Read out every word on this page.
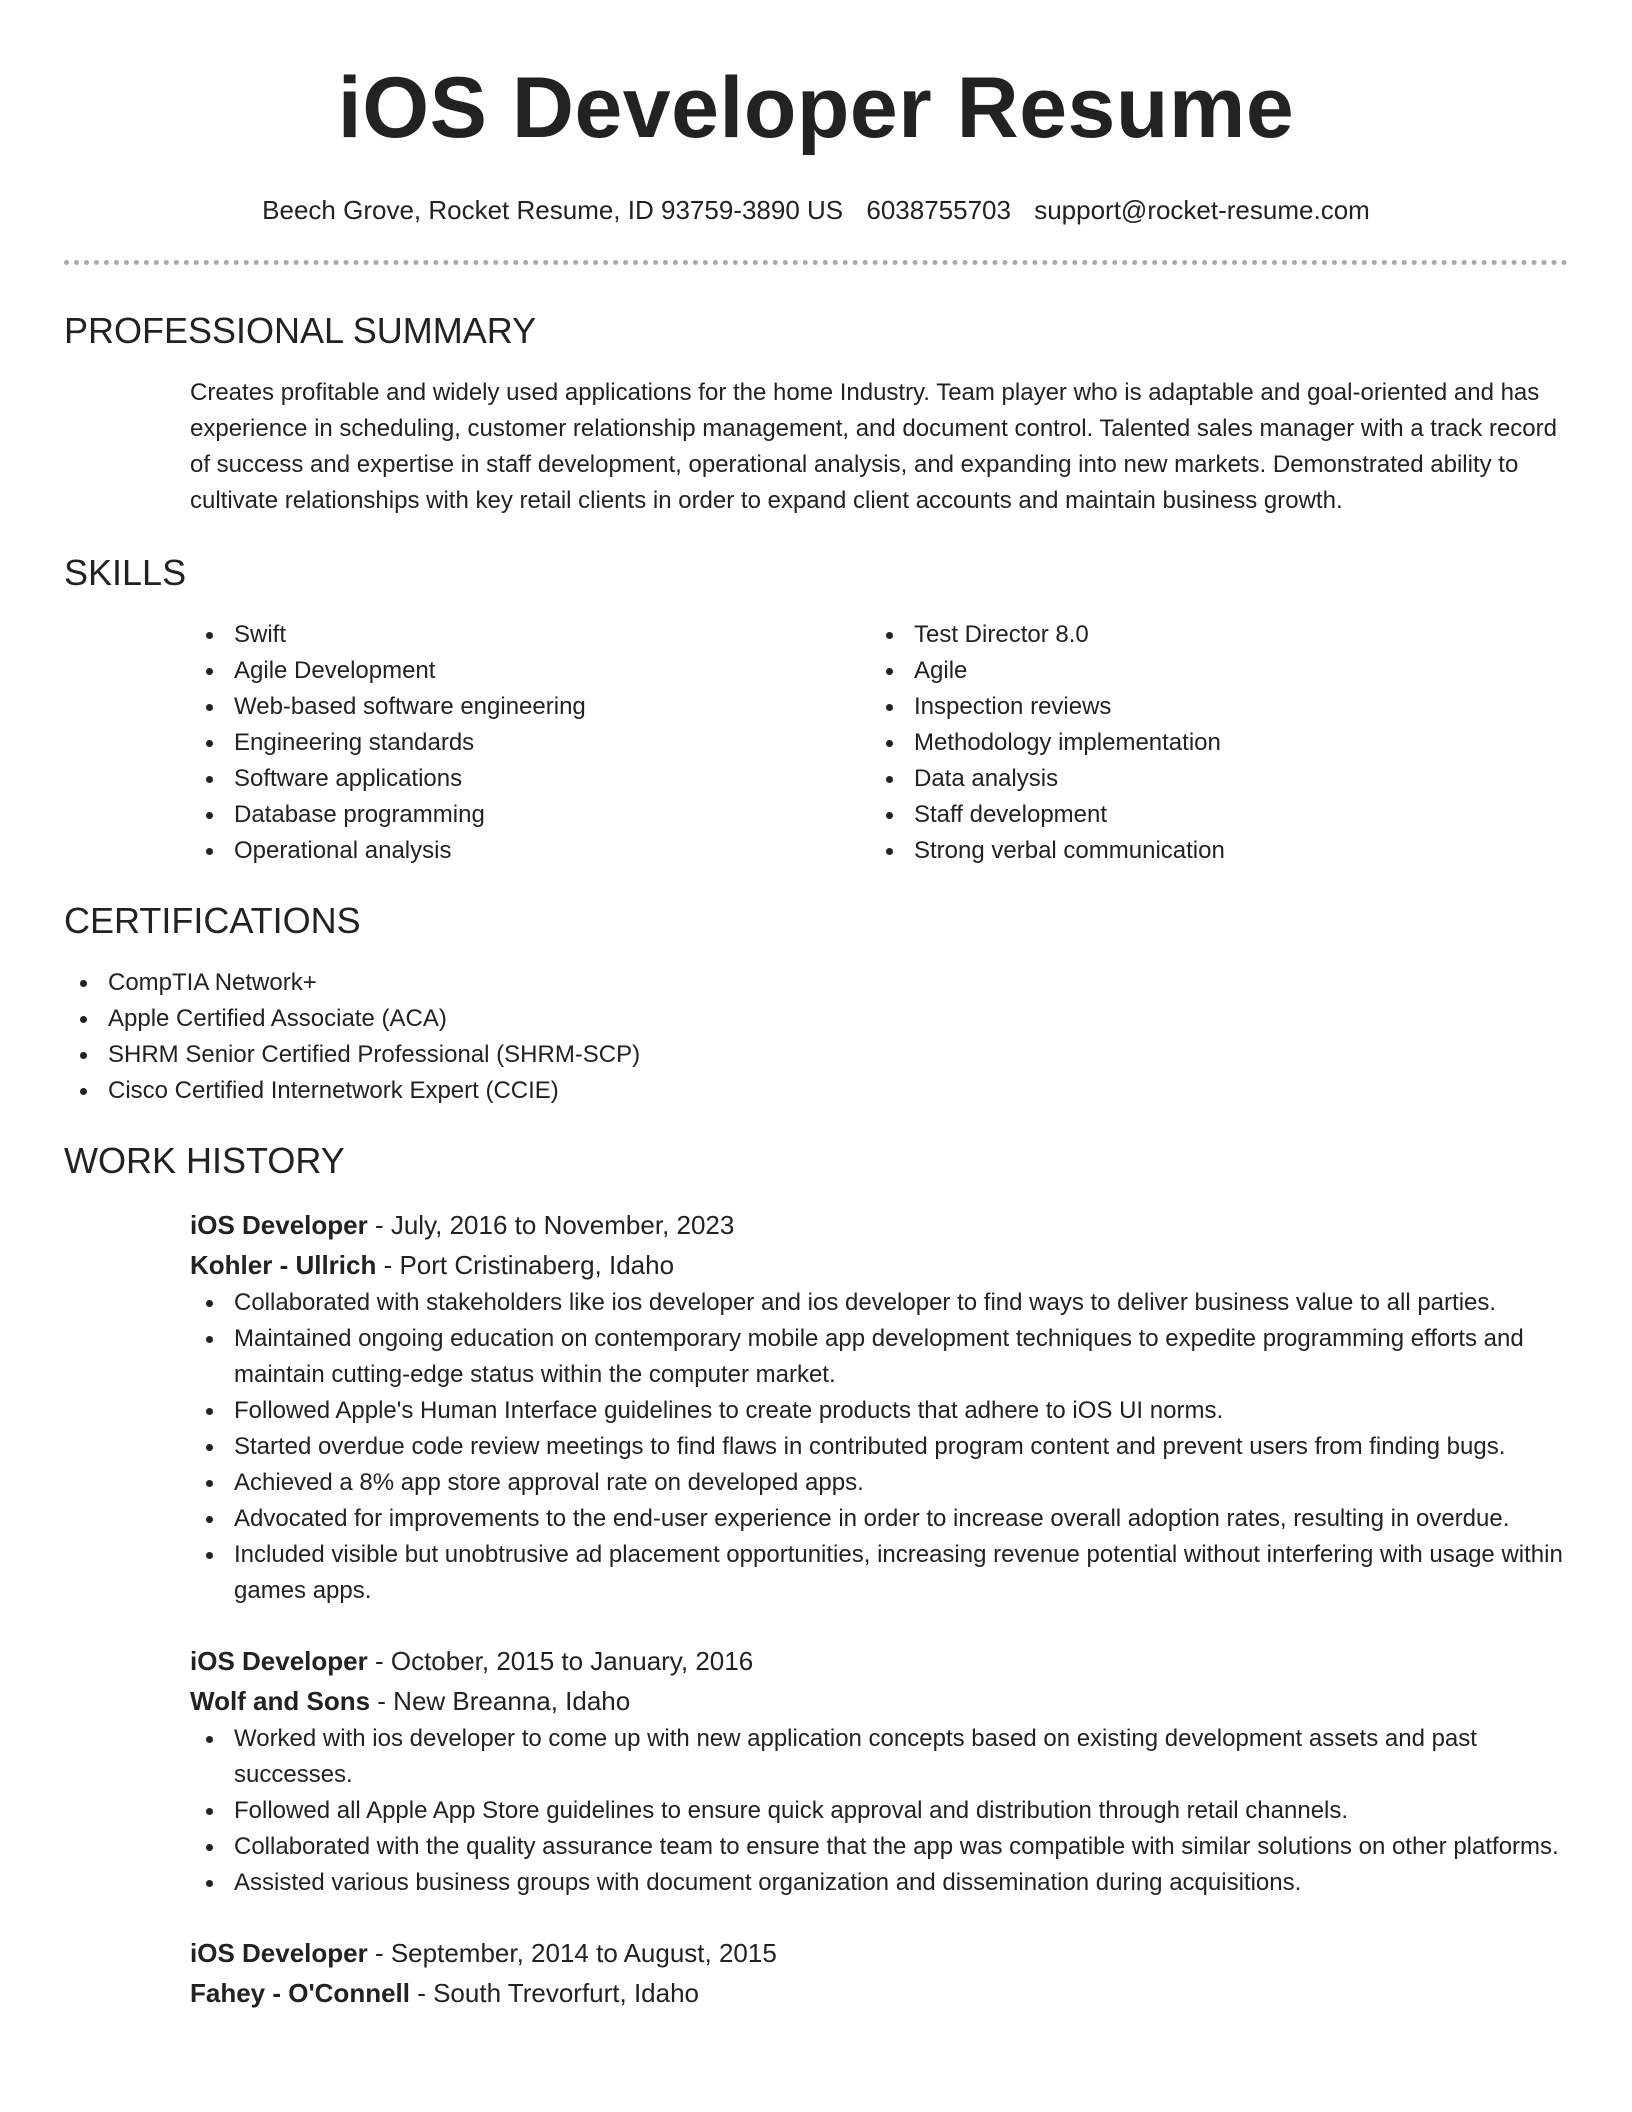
iOS Developer Resume
Beech Grove, Rocket Resume, ID 93759-3890 US 6038755703 support@rocket-resume.com
PROFESSIONAL SUMMARY
Creates profitable and widely used applications for the home Industry. Team player who is adaptable and goal-oriented and has experience in scheduling, customer relationship management, and document control. Talented sales manager with a track record of success and expertise in staff development, operational analysis, and expanding into new markets. Demonstrated ability to cultivate relationships with key retail clients in order to expand client accounts and maintain business growth.
SKILLS
Swift
Agile Development
Web-based software engineering
Engineering standards
Software applications
Database programming
Operational analysis
Test Director 8.0
Agile
Inspection reviews
Methodology implementation
Data analysis
Staff development
Strong verbal communication
CERTIFICATIONS
CompTIA Network+
Apple Certified Associate (ACA)
SHRM Senior Certified Professional (SHRM-SCP)
Cisco Certified Internetwork Expert (CCIE)
WORK HISTORY
iOS Developer - July, 2016 to November, 2023
Kohler - Ullrich - Port Cristinaberg, Idaho
Collaborated with stakeholders like ios developer and ios developer to find ways to deliver business value to all parties.
Maintained ongoing education on contemporary mobile app development techniques to expedite programming efforts and maintain cutting-edge status within the computer market.
Followed Apple's Human Interface guidelines to create products that adhere to iOS UI norms.
Started overdue code review meetings to find flaws in contributed program content and prevent users from finding bugs.
Achieved a 8% app store approval rate on developed apps.
Advocated for improvements to the end-user experience in order to increase overall adoption rates, resulting in overdue.
Included visible but unobtrusive ad placement opportunities, increasing revenue potential without interfering with usage within games apps.
iOS Developer - October, 2015 to January, 2016
Wolf and Sons - New Breanna, Idaho
Worked with ios developer to come up with new application concepts based on existing development assets and past successes.
Followed all Apple App Store guidelines to ensure quick approval and distribution through retail channels.
Collaborated with the quality assurance team to ensure that the app was compatible with similar solutions on other platforms.
Assisted various business groups with document organization and dissemination during acquisitions.
iOS Developer - September, 2014 to August, 2015
Fahey - O'Connell - South Trevorfurt, Idaho
